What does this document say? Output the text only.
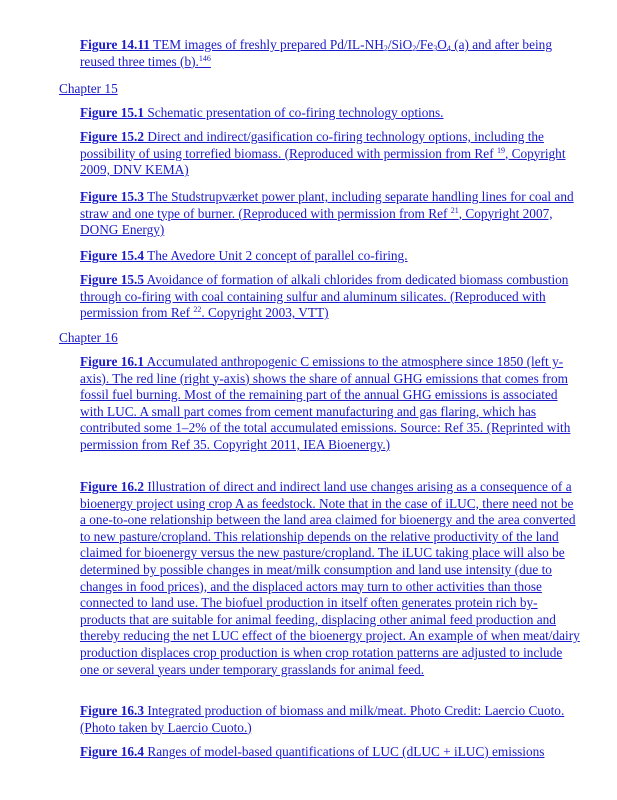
Figure 14.11 TEM images of freshly prepared $Pd/IL-NH_2/SiO_2/Fe_3O_4$ (a) and after being reused three times (b).$^{146}$
Chapter 15
Figure 15.1 Schematic presentation of co-firing technology options.
Figure 15.2 Direct and indirect/gasification co-firing technology options, including the possibility of using torrefied biomass. (Reproduced with permission from Ref $^{19}$, Copyright 2009, DNV KEMA)
Figure 15.3 The Studstrupværket power plant, including separate handling lines for coal and straw and one type of burner. (Reproduced with permission from Ref $^{21}$, Copyright 2007, DONG Energy)
Figure 15.4 The Avedore Unit 2 concept of parallel co-firing.
Figure 15.5 Avoidance of formation of alkali chlorides from dedicated biomass combustion through co-firing with coal containing sulfur and aluminum silicates. (Reproduced with permission from Ref $^{22}$. Copyright 2003, VTT)
Chapter 16
Figure 16.1 Accumulated anthropogenic C emissions to the atmosphere since 1850 (left y-axis). The red line (right y-axis) shows the share of annual GHG emissions that comes from fossil fuel burning. Most of the remaining part of the annual GHG emissions is associated with LUC. A small part comes from cement manufacturing and gas flaring, which has contributed some 1–2% of the total accumulated emissions. Source: Ref 35. (Reprinted with permission from Ref 35. Copyright 2011, IEA Bioenergy.)
Figure 16.2 Illustration of direct and indirect land use changes arising as a consequence of a bioenergy project using crop A as feedstock. Note that in the case of iLUC, there need not be a one-to-one relationship between the land area claimed for bioenergy and the area converted to new pasture/cropland. This relationship depends on the relative productivity of the land claimed for bioenergy versus the new pasture/cropland. The iLUC taking place will also be determined by possible changes in meat/milk consumption and land use intensity (due to changes in food prices), and the displaced actors may turn to other activities than those connected to land use. The biofuel production in itself often generates protein rich by-products that are suitable for animal feeding, displacing other animal feed production and thereby reducing the net LUC effect of the bioenergy project. An example of when meat/dairy production displaces crop production is when crop rotation patterns are adjusted to include one or several years under temporary grasslands for animal feed.
Figure 16.3 Integrated production of biomass and milk/meat. Photo Credit: Laercio Cuoto. (Photo taken by Laercio Cuoto.)
Figure 16.4 Ranges of model-based quantifications of LUC (dLUC + iLUC) emissions
